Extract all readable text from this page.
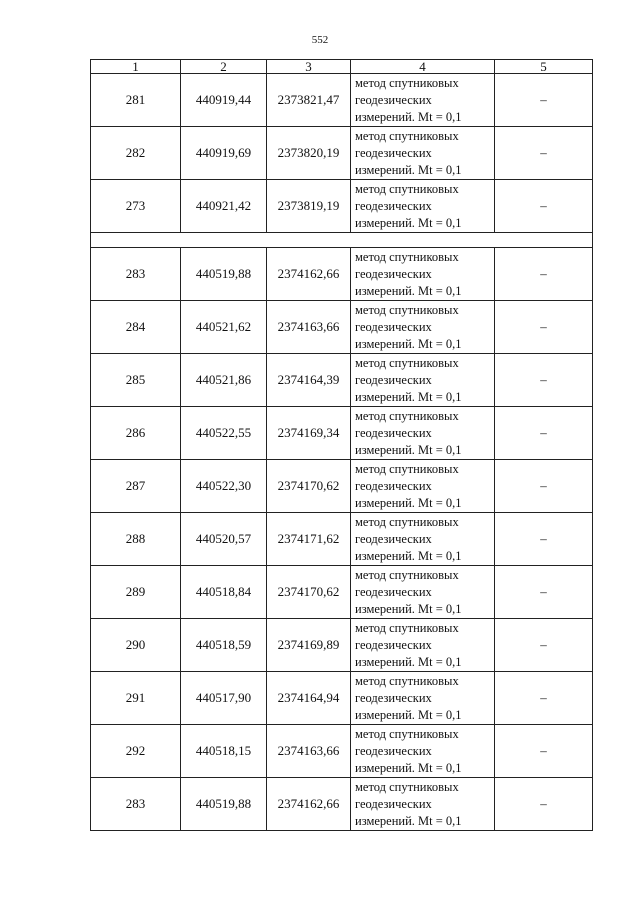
552
1	2	3	4	5
281	440919,44	2373821,47	метод спутниковых
геодезических
измерений. Mt = 0,1	–
282	440919,69	2373820,19	метод спутниковых
геодезических
измерений. Mt = 0,1	–
273	440921,42	2373819,19	метод спутниковых
геодезических
измерений. Mt = 0,1	–

283	440519,88	2374162,66	метод спутниковых
геодезических
измерений. Mt = 0,1	–
284	440521,62	2374163,66	метод спутниковых
геодезических
измерений. Mt = 0,1	–
285	440521,86	2374164,39	метод спутниковых
геодезических
измерений. Mt = 0,1	–
286	440522,55	2374169,34	метод спутниковых
геодезических
измерений. Mt = 0,1	–
287	440522,30	2374170,62	метод спутниковых
геодезических
измерений. Mt = 0,1	–
288	440520,57	2374171,62	метод спутниковых
геодезических
измерений. Mt = 0,1	–
289	440518,84	2374170,62	метод спутниковых
геодезических
измерений. Mt = 0,1	–
290	440518,59	2374169,89	метод спутниковых
геодезических
измерений. Mt = 0,1	–
291	440517,90	2374164,94	метод спутниковых
геодезических
измерений. Mt = 0,1	–
292	440518,15	2374163,66	метод спутниковых
геодезических
измерений. Mt = 0,1	–
283	440519,88	2374162,66	метод спутниковых
геодезических
измерений. Mt = 0,1	–
